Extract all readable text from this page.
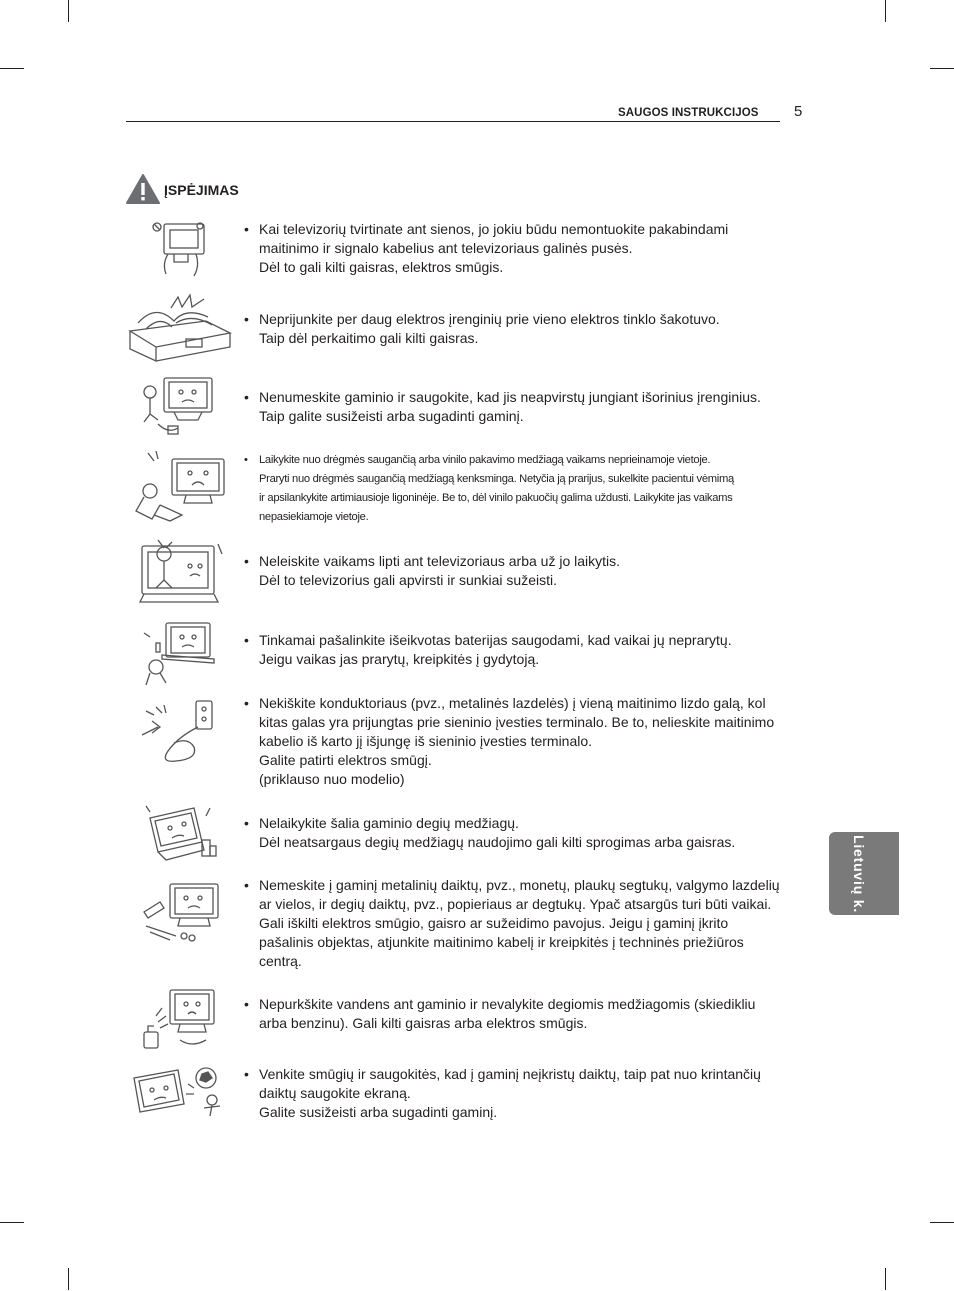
SAUGOS INSTRUKCIJOS 5
ĮSPĖJIMAS
• Kai televizorių tvirtinate ant sienos, jo jokiu būdu nemontuokite pakabindami
maitinimo ir signalo kabelius ant televizoriaus galinės pusės.
Dėl to gali kilti gaisras, elektros smūgis.
• Neprijunkite per daug elektros įrenginių prie vieno elektros tinklo šakotuvo.
Taip dėl perkaitimo gali kilti gaisras.
• Nenumeskite gaminio ir saugokite, kad jis neapvirstų jungiant išorinius įrenginius.
Taip galite susižeisti arba sugadinti gaminį.
• Laikykite nuo drėgmės saugančią arba vinilo pakavimo medžiagą vaikams neprieinamoje vietoje.
Praryti nuo drėgmės saugančią medžiagą kenksminga. Netyčia ją prarijus, sukelkite pacientui vėmimą
ir apsilankykite artimiausioje ligoninėje. Be to, dėl vinilo pakuočių galima uždusti. Laikykite jas vaikams
nepasiekiamoje vietoje.
• Neleiskite vaikams lipti ant televizoriaus arba už jo laikytis.
Dėl to televizorius gali apvirsti ir sunkiai sužeisti.
• Tinkamai pašalinkite išeikvotas baterijas saugodami, kad vaikai jų neprarytų.
Jeigu vaikas jas prarytų, kreipkitės į gydytoją.
• Nekiškite konduktoriaus (pvz., metalinės lazdelės) į vieną maitinimo lizdo galą, kol
kitas galas yra prijungtas prie sieninio įvesties terminalo. Be to, nelieskite maitinimo
kabelio iš karto jį išjungę iš sieninio įvesties terminalo.
Galite patirti elektros smūgį.
(priklauso nuo modelio)
• Nelaikykite šalia gaminio degių medžiagų.
Dėl neatsargaus degių medžiagų naudojimo gali kilti sprogimas arba gaisras.
• Nemeskite į gaminį metalinių daiktų, pvz., monetų, plaukų segtukų, valgymo lazdelių
ar vielos, ir degių daiktų, pvz., popieriaus ar degtukų. Ypač atsargūs turi būti vaikai.
Gali iškilti elektros smūgio, gaisro ar sužeidimo pavojus. Jeigu į gaminį įkrito
pašalinis objektas, atjunkite maitinimo kabelį ir kreipkitės į techninės priežiūros
centrą.
• Nepurkškite vandens ant gaminio ir nevalykite degiomis medžiagomis (skiedikliu
arba benzinu). Gali kilti gaisras arba elektros smūgis.
• Venkite smūgių ir saugokitės, kad į gaminį neįkristų daiktų, taip pat nuo krintančių
daiktų saugokite ekraną.
Galite susižeisti arba sugadinti gaminį.
Lietuvių k.
